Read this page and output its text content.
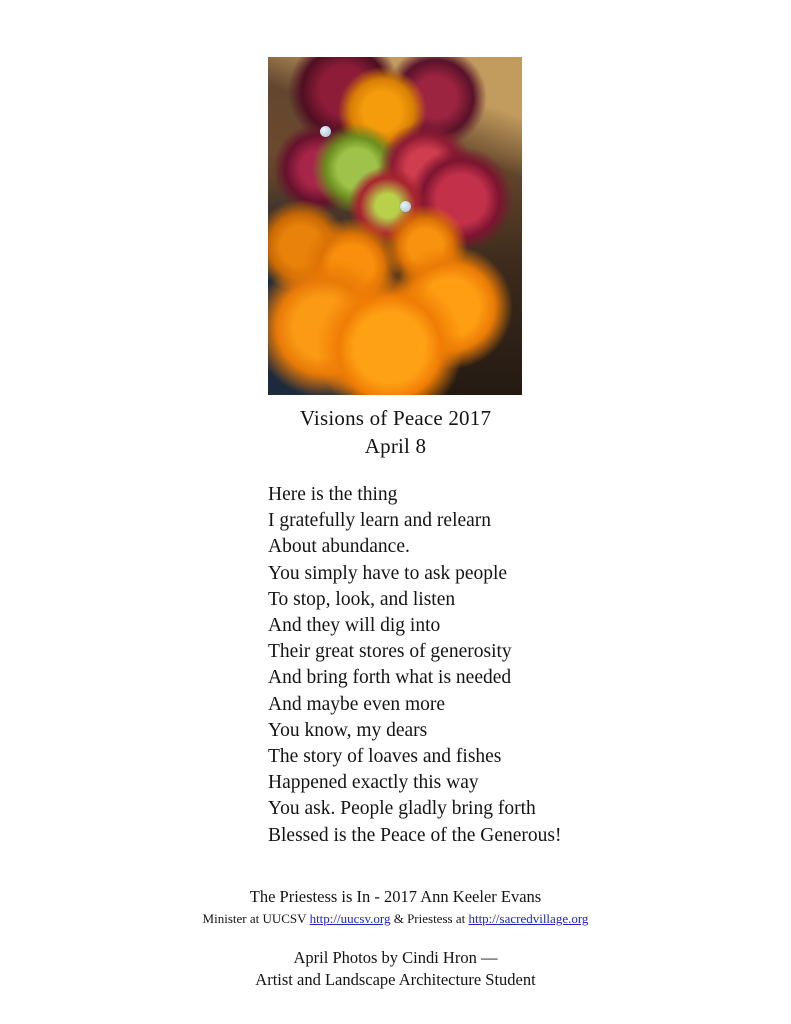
Visions of Peace 2017
April 8
Here is the thing
I gratefully learn and relearn
About abundance.
You simply have to ask people
To stop, look, and listen
And they will dig into
Their great stores of generosity
And bring forth what is needed
And maybe even more
You know, my dears
The story of loaves and fishes
Happened exactly this way
You ask. People gladly bring forth
Blessed is the Peace of the Generous!
The Priestess is In - 2017 Ann Keeler Evans
Minister at UUCSV http://uucsv.org & Priestess at http://sacredvillage.org
April Photos by Cindi Hron —
Artist and Landscape Architecture Student
